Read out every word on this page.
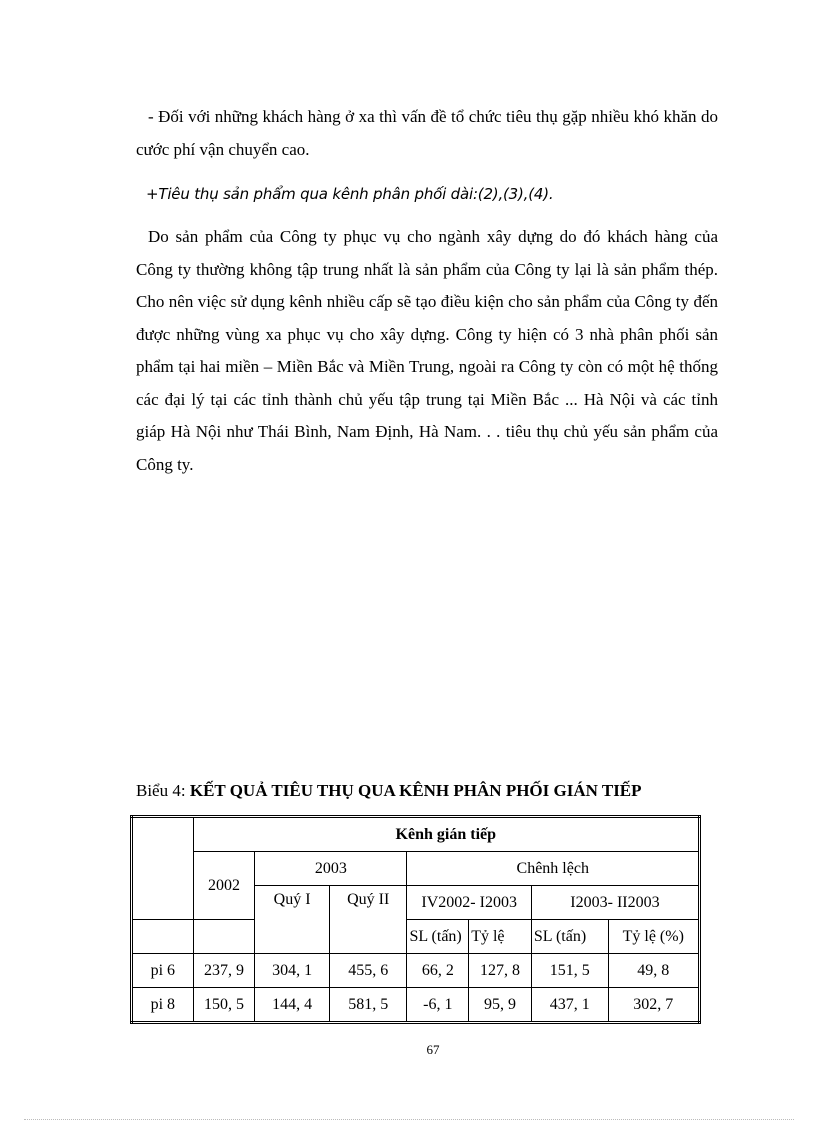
- Đối với những khách hàng ở xa thì vấn đề tổ chức tiêu thụ gặp nhiều khó khăn do cước phí vận chuyển cao.

+Tiêu thụ sản phẩm qua kênh phân phối dài:(2),(3),(4).

Do sản phẩm của Công ty phục vụ cho ngành xây dựng do đó khách hàng của Công ty thường không tập trung nhất là sản phẩm của Công ty lại là sản phẩm thép. Cho nên việc sử dụng kênh nhiều cấp sẽ tạo điều kiện cho sản phẩm của Công ty đến được những vùng xa phục vụ cho xây dựng. Công ty hiện có 3 nhà phân phối sản phẩm tại hai miền – Miền Bắc và Miền Trung, ngoài ra Công ty còn có một hệ thống các đại lý tại các tỉnh thành chủ yếu tập trung tại Miền Bắc ... Hà Nội và các tỉnh giáp Hà Nội như Thái Bình, Nam Định, Hà Nam. . . tiêu thụ chủ yếu sản phẩm của Công ty.

Biểu 4: KẾT QUẢ TIÊU THỤ QUA KÊNH PHÂN PHỐI GIÁN TIẾP
	Kênh gián tiếp						
	2002	2003		Chênh lệch			
		Quý I	Quý II	IV2002- I2003		I2003- II2003	
				SL (tấn)	Tỷ lệ	SL (tấn)	Tỷ lệ (%)
pi 6	237, 9	304, 1	455, 6	66, 2	127, 8	151, 5	49, 8
pi 8	150, 5	144, 4	581, 5	-6, 1	95, 9	437, 1	302, 7
67
